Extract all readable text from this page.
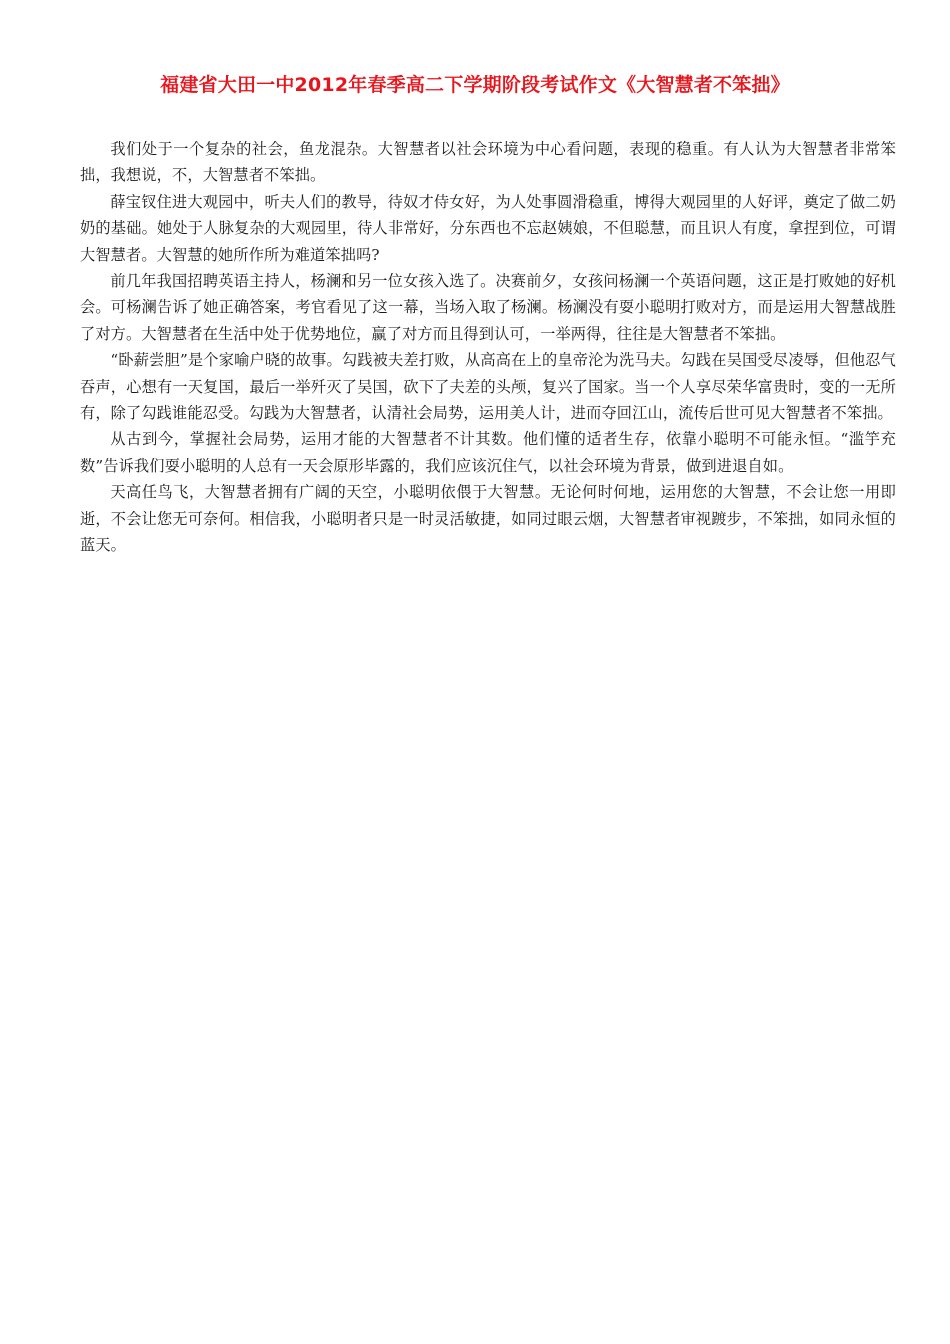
福建省大田一中2012年春季高二下学期阶段考试作文《大智慧者不笨拙》

我们处于一个复杂的社会，鱼龙混杂。大智慧者以社会环境为中心看问题，表现的稳重。有人认为大智慧者非常笨拙，我想说，不，大智慧者不笨拙。

薛宝钗住进大观园中，听夫人们的教导，待奴才侍女好，为人处事圆滑稳重，博得大观园里的人好评，奠定了做二奶奶的基础。她处于人脉复杂的大观园里，待人非常好，分东西也不忘赵姨娘，不但聪慧，而且识人有度，拿捏到位，可谓大智慧者。大智慧的她所作所为难道笨拙吗?

前几年我国招聘英语主持人，杨澜和另一位女孩入选了。决赛前夕，女孩问杨澜一个英语问题，这正是打败她的好机会。可杨澜告诉了她正确答案，考官看见了这一幕，当场入取了杨澜。杨澜没有耍小聪明打败对方，而是运用大智慧战胜了对方。大智慧者在生活中处于优势地位，赢了对方而且得到认可，一举两得，往往是大智慧者不笨拙。

“卧薪尝胆”是个家喻户晓的故事。勾践被夫差打败，从高高在上的皇帝沦为洗马夫。勾践在吴国受尽凌辱，但他忍气吞声，心想有一天复国，最后一举歼灭了吴国，砍下了夫差的头颅，复兴了国家。当一个人享尽荣华富贵时，变的一无所有，除了勾践谁能忍受。勾践为大智慧者，认清社会局势，运用美人计，进而夺回江山，流传后世可见大智慧者不笨拙。

从古到今，掌握社会局势，运用才能的大智慧者不计其数。他们懂的适者生存，依靠小聪明不可能永恒。“滥竽充数”告诉我们耍小聪明的人总有一天会原形毕露的，我们应该沉住气，以社会环境为背景，做到进退自如。

天高任鸟飞，大智慧者拥有广阔的天空，小聪明依偎于大智慧。无论何时何地，运用您的大智慧，不会让您一用即逝，不会让您无可奈何。相信我，小聪明者只是一时灵活敏捷，如同过眼云烟，大智慧者审视踱步，不笨拙，如同永恒的蓝天。
